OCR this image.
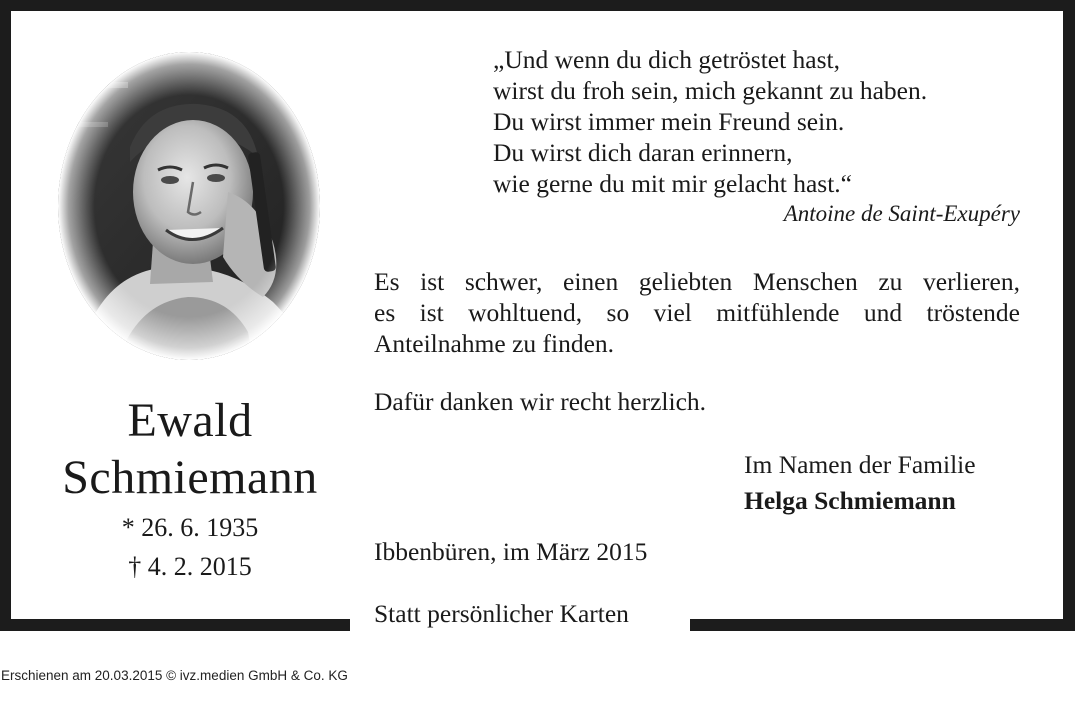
Ewald
Schmiemann
* 26. 6. 1935
† 4. 2. 2015
„Und wenn du dich getröstet hast,
wirst du froh sein, mich gekannt zu haben.
Du wirst immer mein Freund sein.
Du wirst dich daran erinnern,
wie gerne du mit mir gelacht hast.“
Antoine de Saint-Exupéry
Es ist schwer, einen geliebten Menschen zu verlieren,
es ist wohltuend, so viel mitfühlende und tröstende
Anteilnahme zu finden.
Dafür danken wir recht herzlich.
Im Namen der Familie
Helga Schmiemann
Ibbenbüren, im März 2015
Statt persönlicher Karten
Erschienen am 20.03.2015 © ivz.medien GmbH & Co. KG
